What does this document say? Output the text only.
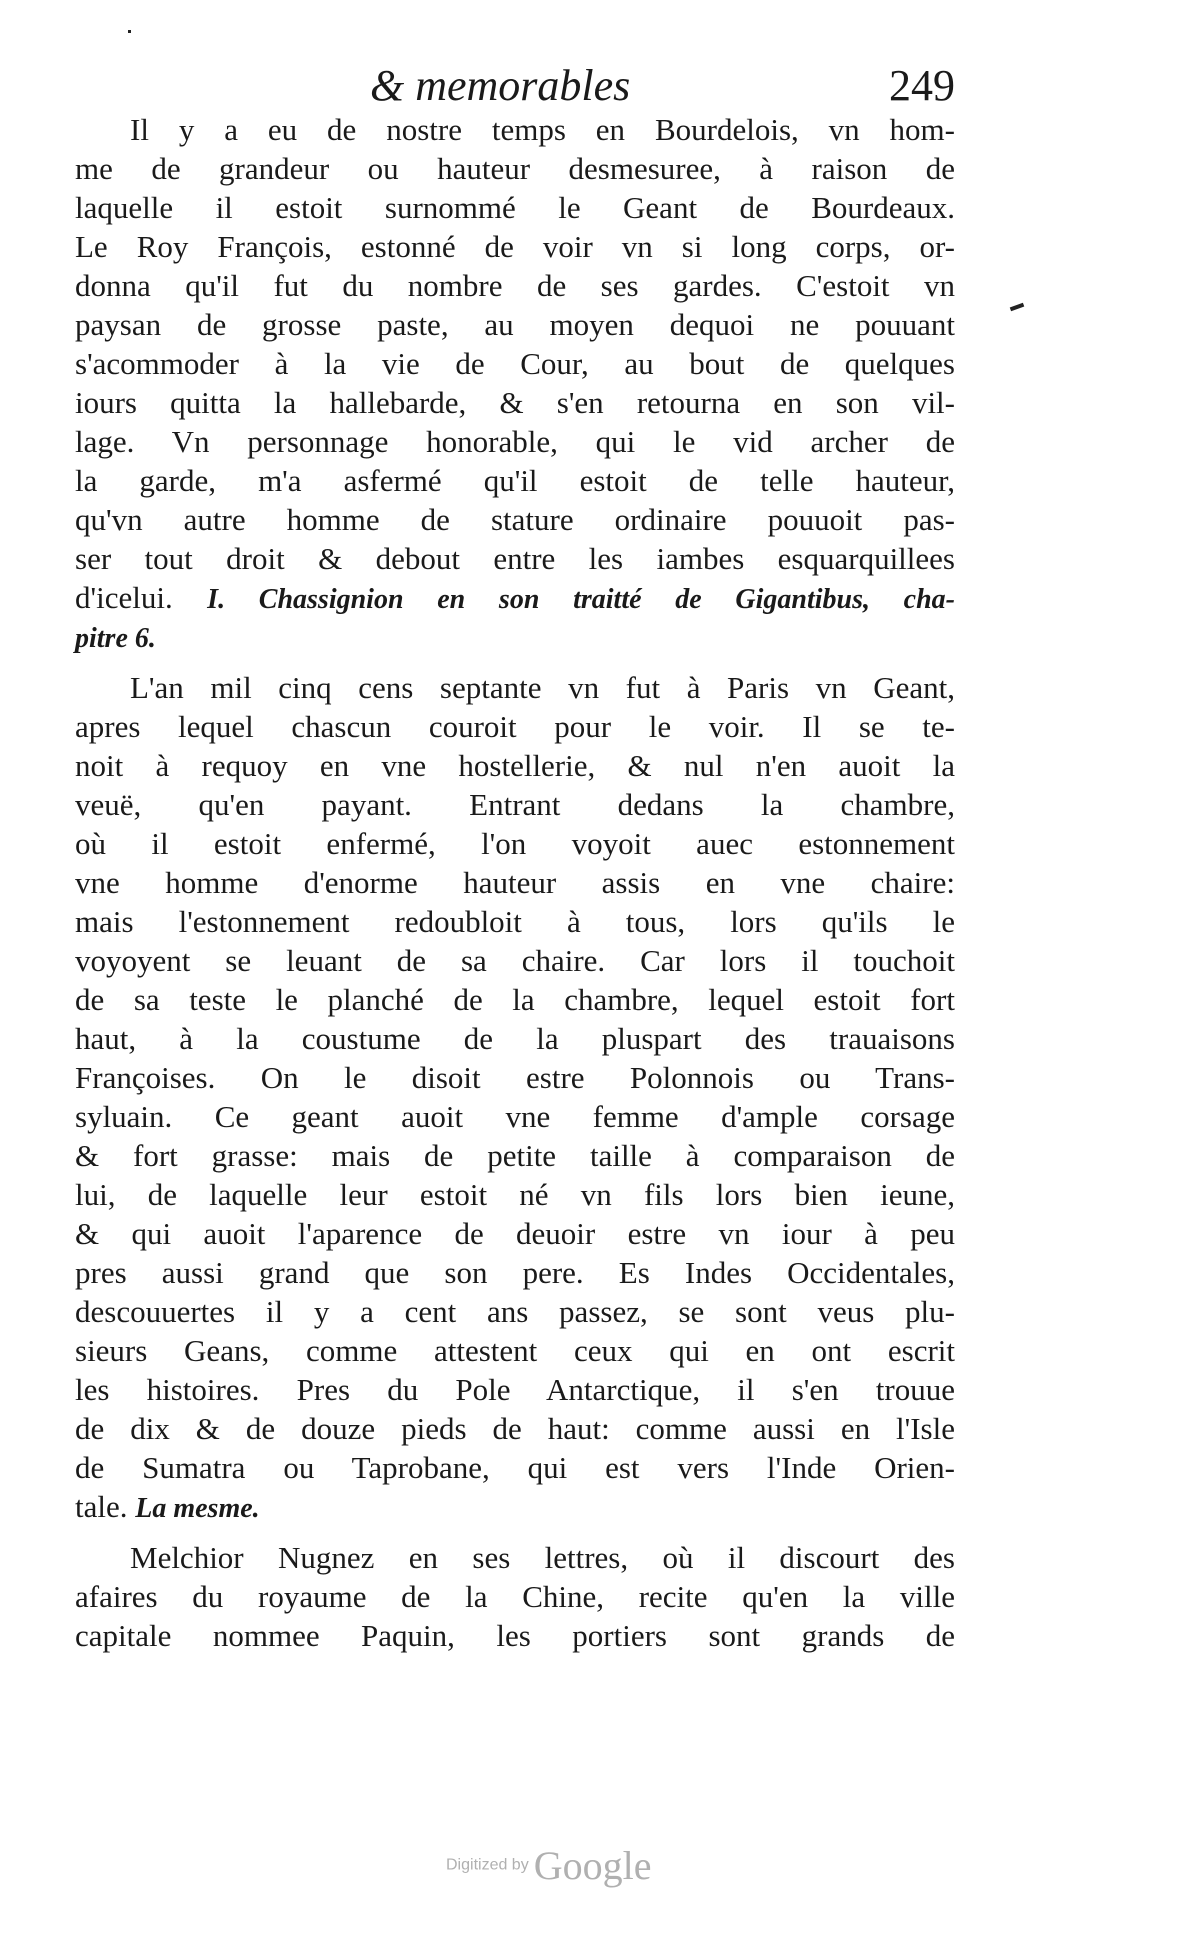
& memorables	249
Il y a eu de nostre temps en Bourdelois, vn hom-
me de grandeur ou hauteur desmesuree, à raison de
laquelle il estoit surnommé le Geant de Bourdeaux.
Le Roy François, estonné de voir vn si long corps, or-
donna qu'il fut du nombre de ses gardes. C'estoit vn
paysan de grosse paste, au moyen dequoi ne pouuant
s'acommoder à la vie de Cour, au bout de quelques
iours quitta la hallebarde, & s'en retourna en son vil-
lage. Vn personnage honorable, qui le vid archer de
la garde, m'a asfermé qu'il estoit de telle hauteur,
qu'vn autre homme de stature ordinaire pouuoit pas-
ser tout droit & debout entre les iambes esquarquillees
d'icelui. I. Chassignion en son traitté de Gigantibus, cha-
pitre 6.
L'an mil cinq cens septante vn fut à Paris vn Geant,
apres lequel chascun couroit pour le voir. Il se te-
noit à requoy en vne hostellerie, & nul n'en auoit la
veuë, qu'en payant. Entrant dedans la chambre,
où il estoit enfermé, l'on voyoit auec estonnement
vne homme d'enorme hauteur assis en vne chaire:
mais l'estonnement redoubloit à tous, lors qu'ils le
voyoyent se leuant de sa chaire. Car lors il touchoit
de sa teste le planché de la chambre, lequel estoit fort
haut, à la coustume de la pluspart des trauaisons
Françoises. On le disoit estre Polonnois ou Trans-
syluain. Ce geant auoit vne femme d'ample corsage
& fort grasse: mais de petite taille à comparaison de
lui, de laquelle leur estoit né vn fils lors bien ieune,
& qui auoit l'aparence de deuoir estre vn iour à peu
pres aussi grand que son pere. Es Indes Occidentales,
descouuertes il y a cent ans passez, se sont veus plu-
sieurs Geans, comme attestent ceux qui en ont escrit
les histoires. Pres du Pole Antarctique, il s'en trouue
de dix & de douze pieds de haut: comme aussi en l'Isle
de Sumatra ou Taprobane, qui est vers l'Inde Orien-
tale. La mesme.
Melchior Nugnez en ses lettres, où il discourt des
afaires du royaume de la Chine, recite qu'en la ville
capitale nommee Paquin, les portiers sont grands de
Digitized by Google
